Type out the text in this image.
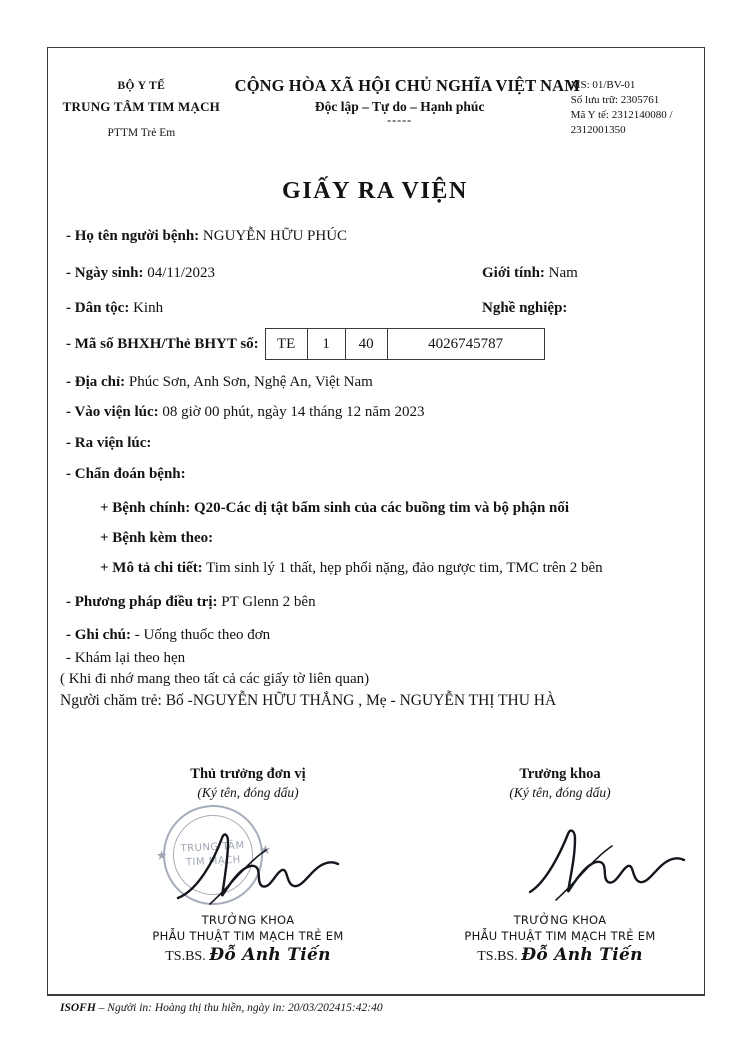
BỘ Y TẾ
TRUNG TÂM TIM MẠCH
PTTM Trẻ Em
CỘNG HÒA XÃ HỘI CHỦ NGHĨA VIỆT NAM
Độc lập – Tự do – Hạnh phúc
-----
MS: 01/BV-01
Số lưu trữ: 2305761
Mã Y tế: 2312140080 /
2312001350
GIẤY RA VIỆN
- Họ tên người bệnh: NGUYỄN HỮU PHÚC
- Ngày sinh: 04/11/2023	Giới tính: Nam
- Dân tộc: Kinh	Nghề nghiệp:
- Mã số BHXH/Thẻ BHYT số:	TE	1	40	4026745787
- Địa chỉ: Phúc Sơn, Anh Sơn, Nghệ An, Việt Nam
- Vào viện lúc: 08 giờ 00 phút, ngày 14 tháng 12 năm 2023
- Ra viện lúc:
- Chẩn đoán bệnh:
+ Bệnh chính: Q20-Các dị tật bẩm sinh của các buồng tim và bộ phận nối
+ Bệnh kèm theo:
+ Mô tả chi tiết: Tim sinh lý 1 thất, hẹp phổi nặng, đảo ngược tim, TMC trên 2 bên
- Phương pháp điều trị: PT Glenn 2 bên
- Ghi chú: - Uống thuốc theo đơn
- Khám lại theo hẹn
( Khi đi nhớ mang theo tất cả các giấy tờ liên quan)
Người chăm trẻ: Bố -NGUYỄN HỮU THẮNG , Mẹ - NGUYỄN THỊ THU HÀ
Thủ trưởng đơn vị
(Ký tên, đóng dấu)
Trưởng khoa
(Ký tên, đóng dấu)
★	★
TRUNG TÂM
TIM MẠCH
TRƯỞNG KHOA
PHẪU THUẬT TIM MẠCH TRẺ EM
TS.BS. Đỗ Anh Tiến
TRƯỞNG KHOA
PHẪU THUẬT TIM MẠCH TRẺ EM
TS.BS. Đỗ Anh Tiến
ISOFH – Người in: Hoàng thị thu hiền, ngày in: 20/03/202415:42:40
